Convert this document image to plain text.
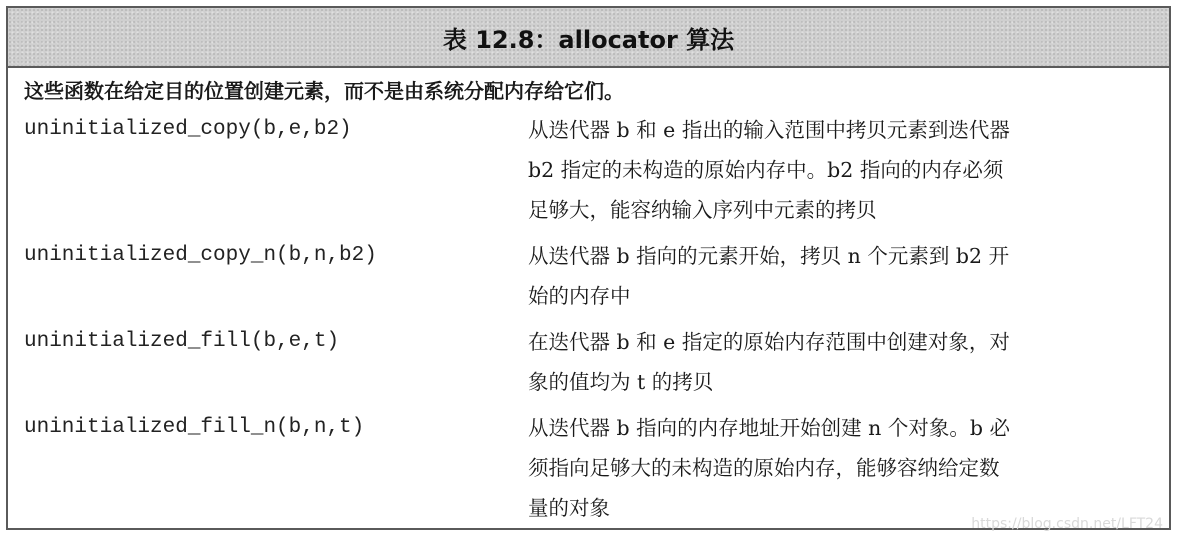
表 12.8：allocator 算法
这些函数在给定目的位置创建元素，而不是由系统分配内存给它们。
uninitialized_copy(b,e,b2)	从迭代器 b 和 e 指出的输入范围中拷贝元素到迭代器
b2 指定的未构造的原始内存中。b2 指向的内存必须
足够大，能容纳输入序列中元素的拷贝
uninitialized_copy_n(b,n,b2)	从迭代器 b 指向的元素开始，拷贝 n 个元素到 b2 开
始的内存中
uninitialized_fill(b,e,t)	在迭代器 b 和 e 指定的原始内存范围中创建对象，对
象的值均为 t 的拷贝
uninitialized_fill_n(b,n,t)	从迭代器 b 指向的内存地址开始创建 n 个对象。b 必
须指向足够大的未构造的原始内存，能够容纳给定数
量的对象
https://blog.csdn.net/LFT24
